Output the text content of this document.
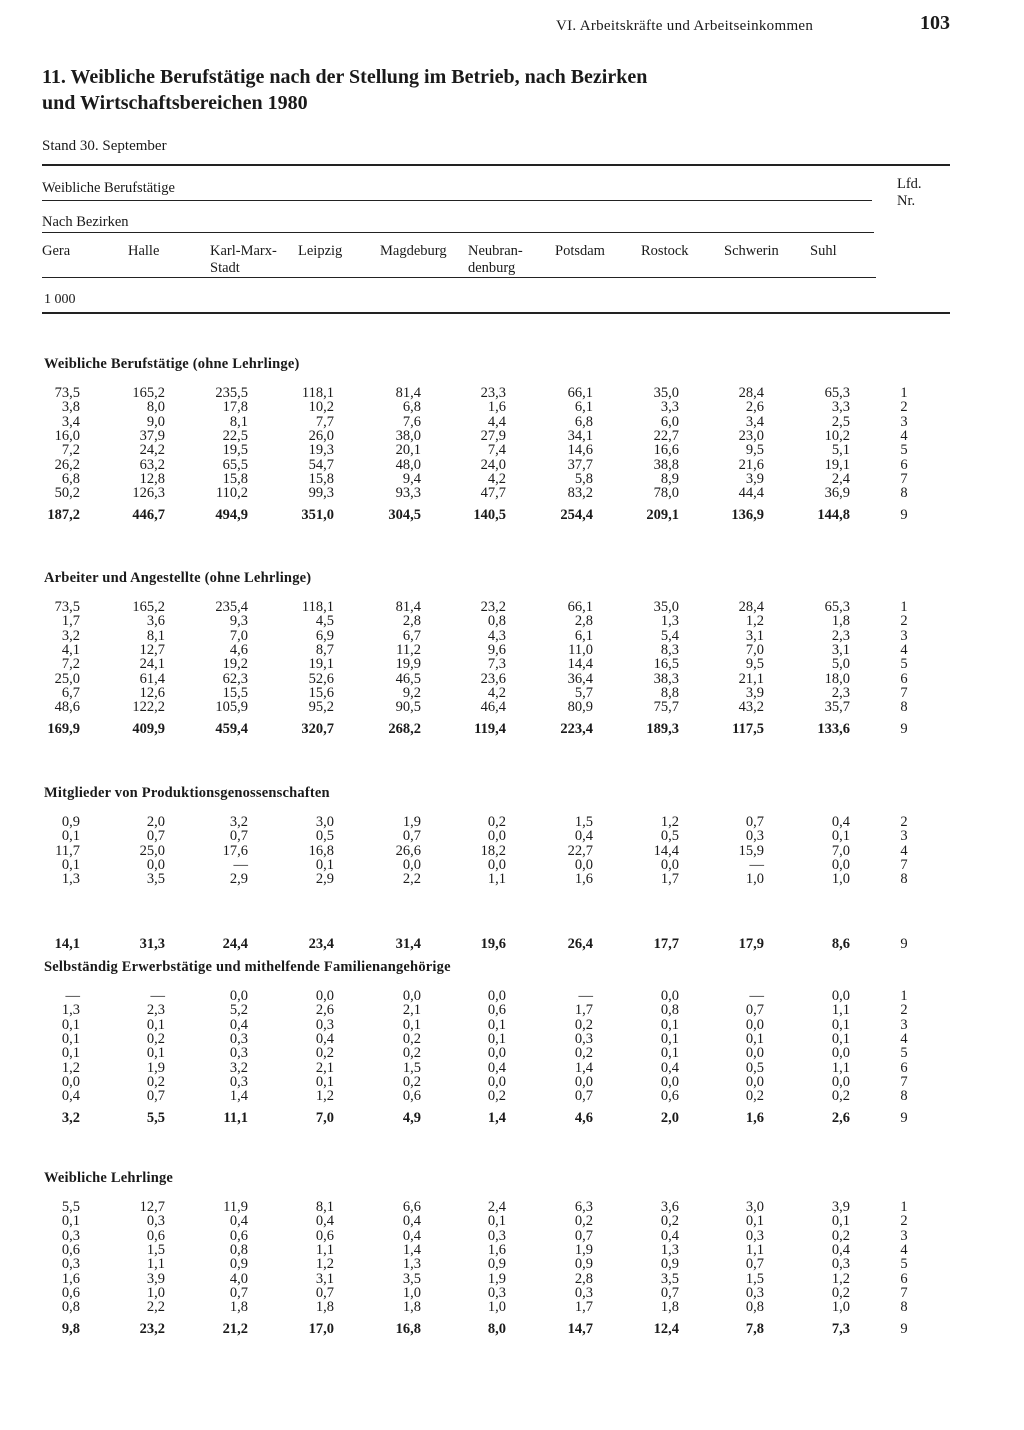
VI. Arbeitskräfte und Arbeitseinkommen	103
11. Weibliche Berufstätige nach der Stellung im Betrieb, nach Bezirken
und Wirtschaftsbereichen 1980
Stand 30. September
Weibliche Berufstätige
Nach Bezirken
Lfd.
Nr.
Gera	Halle	Karl-Marx-
Stadt
Leipzig	Magdeburg Neubran-
denburg
Potsdam Rostock Schwerin Suhl
1 000
Weibliche Berufstätige (ohne Lehrlinge)
73,5	165,2	235,5	118,1	81,4	23,3	66,1	35,0	28,4	65,3	1
3,8	8,0	17,8	10,2	6,8	1,6	6,1	3,3	2,6	3,3	2
3,4	9,0	8,1	7,7	7,6	4,4	6,8	6,0	3,4	2,5	3
16,0	37,9	22,5	26,0	38,0	27,9	34,1	22,7	23,0	10,2	4
7,2	24,2	19,5	19,3	20,1	7,4	14,6	16,6	9,5	5,1	5
26,2	63,2	65,5	54,7	48,0	24,0	37,7	38,8	21,6	19,1	6
6,8	12,8	15,8	15,8	9,4	4,2	5,8	8,9	3,9	2,4	7
50,2	126,3	110,2	99,3	93,3	47,7	83,2	78,0	44,4	36,9	8
187,2	446,7	494,9	351,0	304,5	140,5	254,4	209,1	136,9	144,8	9
Arbeiter und Angestellte (ohne Lehrlinge)
73,5	165,2	235,4	118,1	81,4	23,2	66,1	35,0	28,4	65,3	1
1,7	3,6	9,3	4,5	2,8	0,8	2,8	1,3	1,2	1,8	2
3,2	8,1	7,0	6,9	6,7	4,3	6,1	5,4	3,1	2,3	3
4,1	12,7	4,6	8,7	11,2	9,6	11,0	8,3	7,0	3,1	4
7,2	24,1	19,2	19,1	19,9	7,3	14,4	16,5	9,5	5,0	5
25,0	61,4	62,3	52,6	46,5	23,6	36,4	38,3	21,1	18,0	6
6,7	12,6	15,5	15,6	9,2	4,2	5,7	8,8	3,9	2,3	7
48,6	122,2	105,9	95,2	90,5	46,4	80,9	75,7	43,2	35,7	8
169,9	409,9	459,4	320,7	268,2	119,4	223,4	189,3	117,5	133,6	9
Mitglieder von Produktionsgenossenschaften
0,9	2,0	3,2	3,0	1,9	0,2	1,5	1,2	0,7	0,4	2
0,1	0,7	0,7	0,5	0,7	0,0	0,4	0,5	0,3	0,1	3
11,7	25,0	17,6	16,8	26,6	18,2	22,7	14,4	15,9	7,0	4
0,1	0,0	—	0,1	0,0	0,0	0,0	0,0	—	0,0	7
1,3	3,5	2,9	2,9	2,2	1,1	1,6	1,7	1,0	1,0	8
14,1	31,3	24,4	23,4	31,4	19,6	26,4	17,7	17,9	8,6	9
Selbständig Erwerbstätige und mithelfende Familienangehörige
—	—	0,0	0,0	0,0	0,0	—	0,0	—	0,0	1
1,3	2,3	5,2	2,6	2,1	0,6	1,7	0,8	0,7	1,1	2
0,1	0,1	0,4	0,3	0,1	0,1	0,2	0,1	0,0	0,1	3
0,1	0,2	0,3	0,4	0,2	0,1	0,3	0,1	0,1	0,1	4
0,1	0,1	0,3	0,2	0,2	0,0	0,2	0,1	0,0	0,0	5
1,2	1,9	3,2	2,1	1,5	0,4	1,4	0,4	0,5	1,1	6
0,0	0,2	0,3	0,1	0,2	0,0	0,0	0,0	0,0	0,0	7
0,4	0,7	1,4	1,2	0,6	0,2	0,7	0,6	0,2	0,2	8
3,2	5,5	11,1	7,0	4,9	1,4	4,6	2,0	1,6	2,6	9
Weibliche Lehrlinge
5,5	12,7	11,9	8,1	6,6	2,4	6,3	3,6	3,0	3,9	1
0,1	0,3	0,4	0,4	0,4	0,1	0,2	0,2	0,1	0,1	2
0,3	0,6	0,6	0,6	0,4	0,3	0,7	0,4	0,3	0,2	3
0,6	1,5	0,8	1,1	1,4	1,6	1,9	1,3	1,1	0,4	4
0,3	1,1	0,9	1,2	1,3	0,9	0,9	0,9	0,7	0,3	5
1,6	3,9	4,0	3,1	3,5	1,9	2,8	3,5	1,5	1,2	6
0,6	1,0	0,7	0,7	1,0	0,3	0,3	0,7	0,3	0,2	7
0,8	2,2	1,8	1,8	1,8	1,0	1,7	1,8	0,8	1,0	8
9,8	23,2	21,2	17,0	16,8	8,0	14,7	12,4	7,8	7,3	9
